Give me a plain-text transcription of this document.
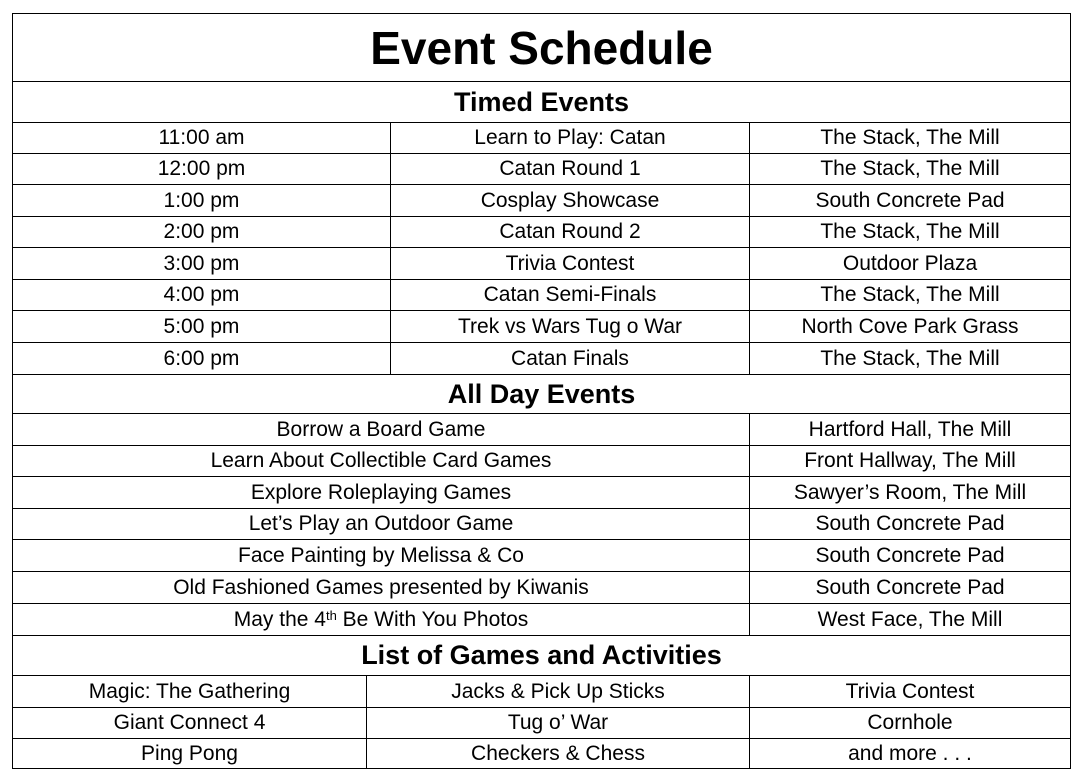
Event Schedule
Timed Events
11:00 am	Learn to Play: Catan	The Stack, The Mill
12:00 pm	Catan Round 1	The Stack, The Mill
1:00 pm	Cosplay Showcase	South Concrete Pad
2:00 pm	Catan Round 2	The Stack, The Mill
3:00 pm	Trivia Contest	Outdoor Plaza
4:00 pm	Catan Semi-Finals	The Stack, The Mill
5:00 pm	Trek vs Wars Tug o War	North Cove Park Grass
6:00 pm	Catan Finals	The Stack, The Mill
All Day Events
Borrow a Board Game	Hartford Hall, The Mill
Learn About Collectible Card Games	Front Hallway, The Mill
Explore Roleplaying Games	Sawyer’s Room, The Mill
Let’s Play an Outdoor Game	South Concrete Pad
Face Painting by Melissa & Co	South Concrete Pad
Old Fashioned Games presented by Kiwanis	South Concrete Pad
May the 4th Be With You Photos	West Face, The Mill
List of Games and Activities
Magic: The Gathering	Jacks & Pick Up Sticks	Trivia Contest
Giant Connect 4	Tug o’ War	Cornhole
Ping Pong	Checkers & Chess	and more . . .
